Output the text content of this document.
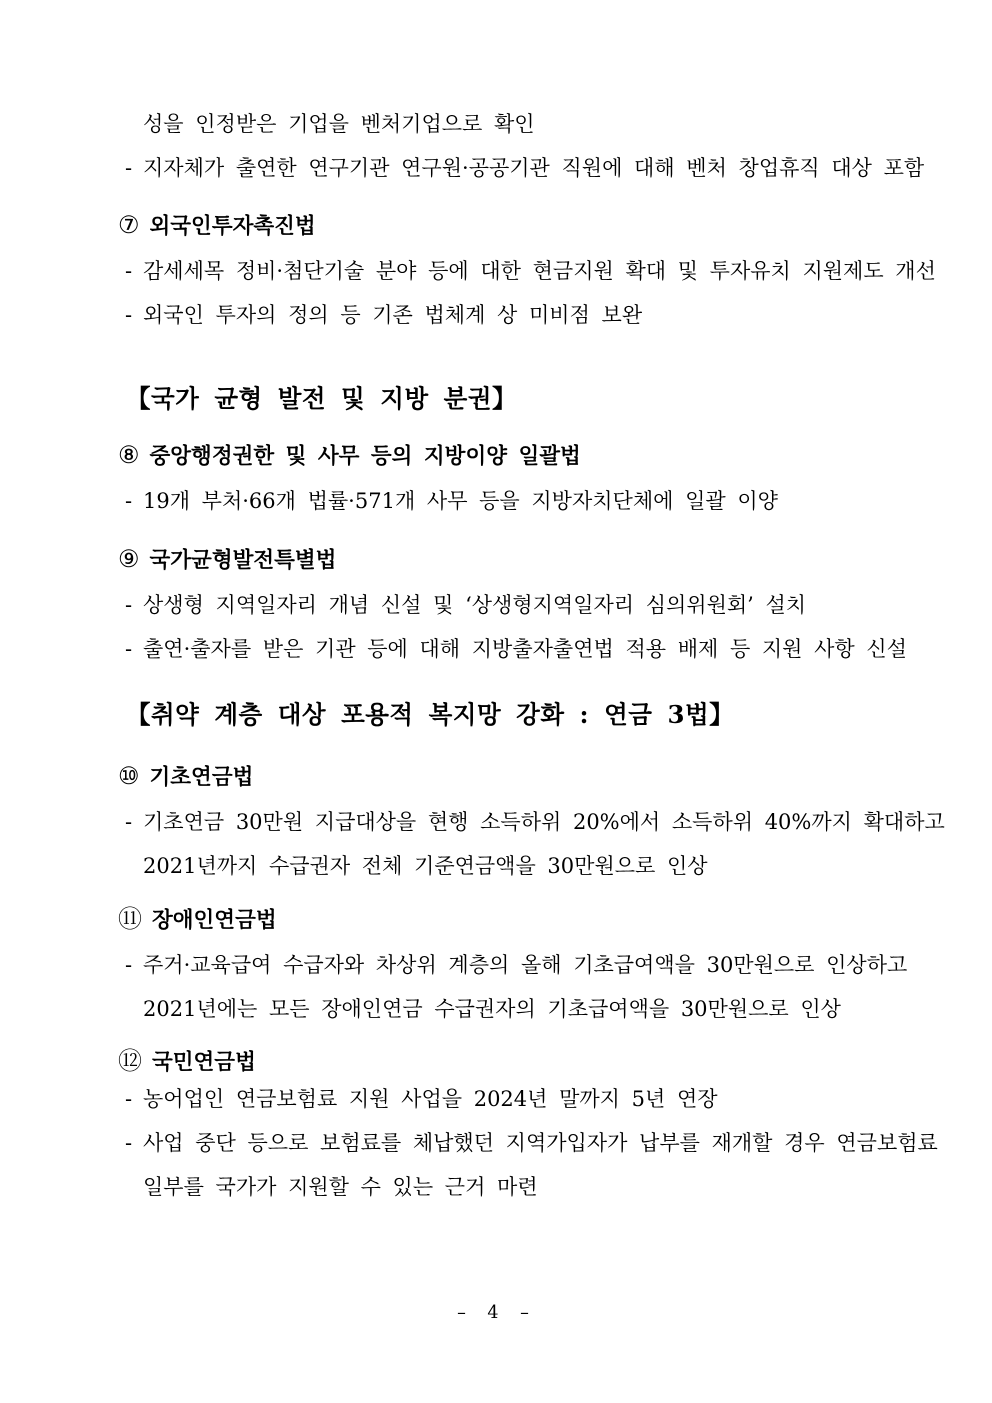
성을 인정받은 기업을 벤처기업으로 확인
- 지자체가 출연한 연구기관 연구원·공공기관 직원에 대해 벤처 창업휴직 대상 포함
⑦ 외국인투자촉진법
- 감세세목 정비·첨단기술 분야 등에 대한 현금지원 확대 및 투자유치 지원제도 개선
- 외국인 투자의 정의 등 기존 법체계 상 미비점 보완
【국가 균형 발전 및 지방 분권】
⑧ 중앙행정권한 및 사무 등의 지방이양 일괄법
- 19개 부처·66개 법률·571개 사무 등을 지방자치단체에 일괄 이양
⑨ 국가균형발전특별법
- 상생형 지역일자리 개념 신설 및 ‘상생형지역일자리 심의위원회’ 설치
- 출연·출자를 받은 기관 등에 대해 지방출자출연법 적용 배제 등 지원 사항 신설
【취약 계층 대상 포용적 복지망 강화 : 연금 3법】
⑩ 기초연금법
- 기초연금 30만원 지급대상을 현행 소득하위 20%에서 소득하위 40%까지 확대하고
2021년까지 수급권자 전체 기준연금액을 30만원으로 인상
⑪ 장애인연금법
- 주거·교육급여 수급자와 차상위 계층의 올해 기초급여액을 30만원으로 인상하고
2021년에는 모든 장애인연금 수급권자의 기초급여액을 30만원으로 인상
⑫ 국민연금법
- 농어업인 연금보험료 지원 사업을 2024년 말까지 5년 연장
- 사업 중단 등으로 보험료를 체납했던 지역가입자가 납부를 재개할 경우 연금보험료
일부를 국가가 지원할 수 있는 근거 마련
– 4 –
